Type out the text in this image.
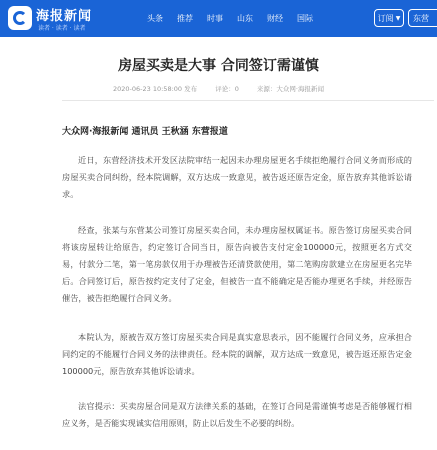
海报新闻
读者 · 读者 · 读者
头条	推荐	时事	山东	财经	国际	订阅 ▼ 东营
房屋买卖是大事 合同签订需谨慎
2020-06-23 10:58:00 发布	评论：0	来源：大众网·海报新闻
大众网·海报新闻 通讯员 王秋涵 东营报道

近日，东营经济技术开发区法院审结一起因未办理房屋更名手续拒绝履行合同义务而形成的房屋买卖合同纠纷，经本院调解，双方达成一致意见，被告返还原告定金，原告放弃其他诉讼请求。

经查，张某与东营某公司签订房屋买卖合同，未办理房屋权属证书。原告签订房屋买卖合同将该房屋转让给原告，约定签订合同当日，原告向被告支付定金100000元，按照更名方式交易，付款分二笔，第一笔房款仅用于办理被告还清贷款使用，第二笔购房款建立在房屋更名完毕后。合同签订后，原告按约定支付了定金，但被告一直不能确定是否能办理更名手续，并经原告催告，被告拒绝履行合同义务。

本院认为，原被告双方签订房屋买卖合同是真实意思表示，因不能履行合同义务，应承担合同约定的不能履行合同义务的法律责任。经本院的调解，双方达成一致意见，被告返还原告定金100000元，原告放弃其他诉讼请求。

法官提示：买卖房屋合同是双方法律关系的基础，在签订合同是需谨慎考虑是否能够履行相应义务，是否能实现诚实信用原则，防止以后发生不必要的纠纷。
